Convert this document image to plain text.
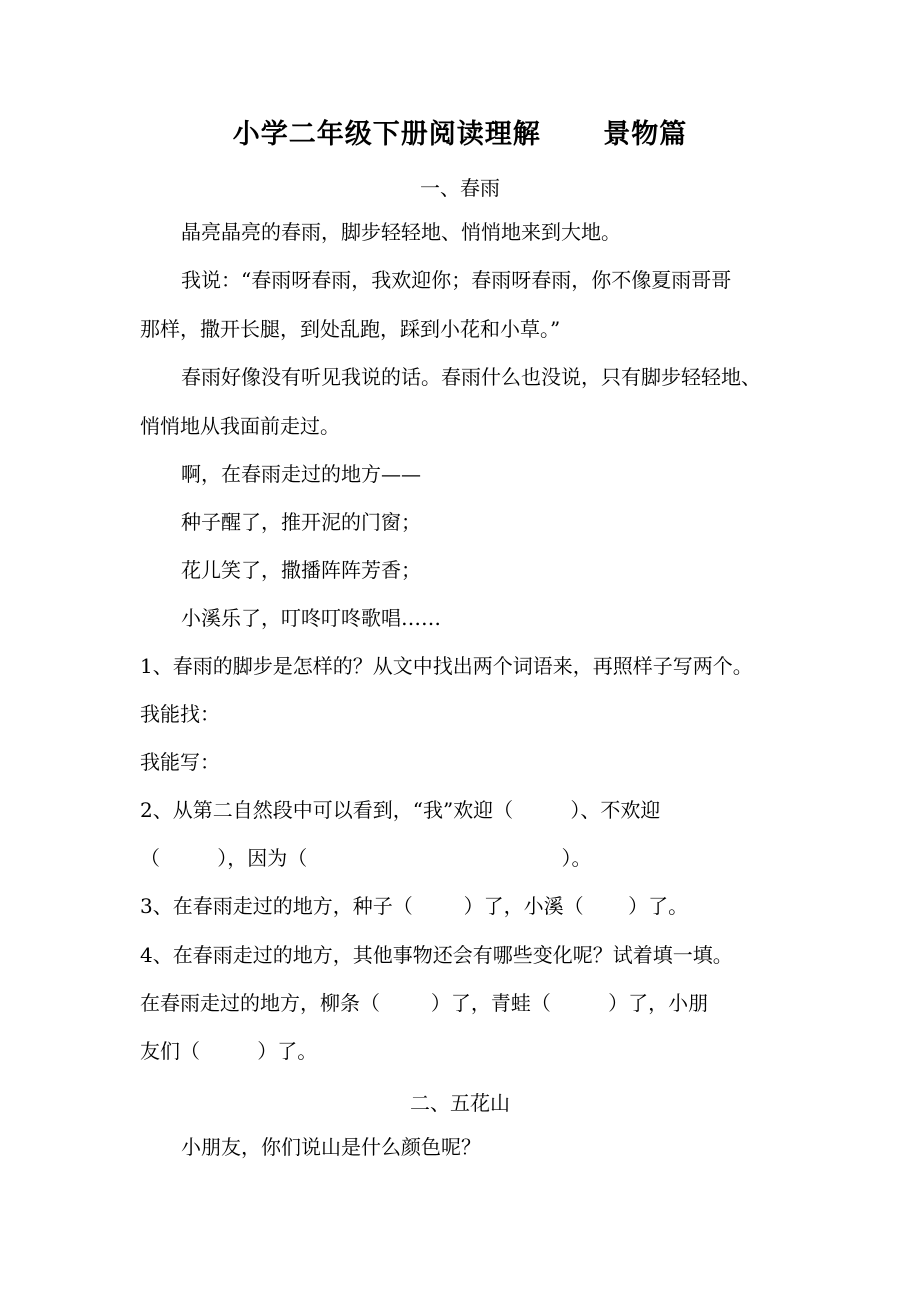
小学二年级下册阅读理解      景物篇
一、春雨
晶亮晶亮的春雨，脚步轻轻地、悄悄地来到大地。
我说：“春雨呀春雨，我欢迎你；春雨呀春雨，你不像夏雨哥哥
那样，撒开长腿，到处乱跑，踩到小花和小草。”
春雨好像没有听见我说的话。春雨什么也没说，只有脚步轻轻地、
悄悄地从我面前走过。
啊，在春雨走过的地方——
种子醒了，推开泥的门窗；
花儿笑了，撒播阵阵芳香；
小溪乐了，叮咚叮咚歌唱……
1、春雨的脚步是怎样的？从文中找出两个词语来，再照样子写两个。
我能找：
我能写：
2、从第二自然段中可以看到，“我”欢迎（         ）、不欢迎
（         ），因为（                                        ）。
3、在春雨走过的地方，种子（        ）了，小溪（       ）了。
4、在春雨走过的地方，其他事物还会有哪些变化呢？试着填一填。
在春雨走过的地方，柳条（        ）了，青蛙（         ）了，小朋
友们（         ）了。
二、五花山
小朋友，你们说山是什么颜色呢？
